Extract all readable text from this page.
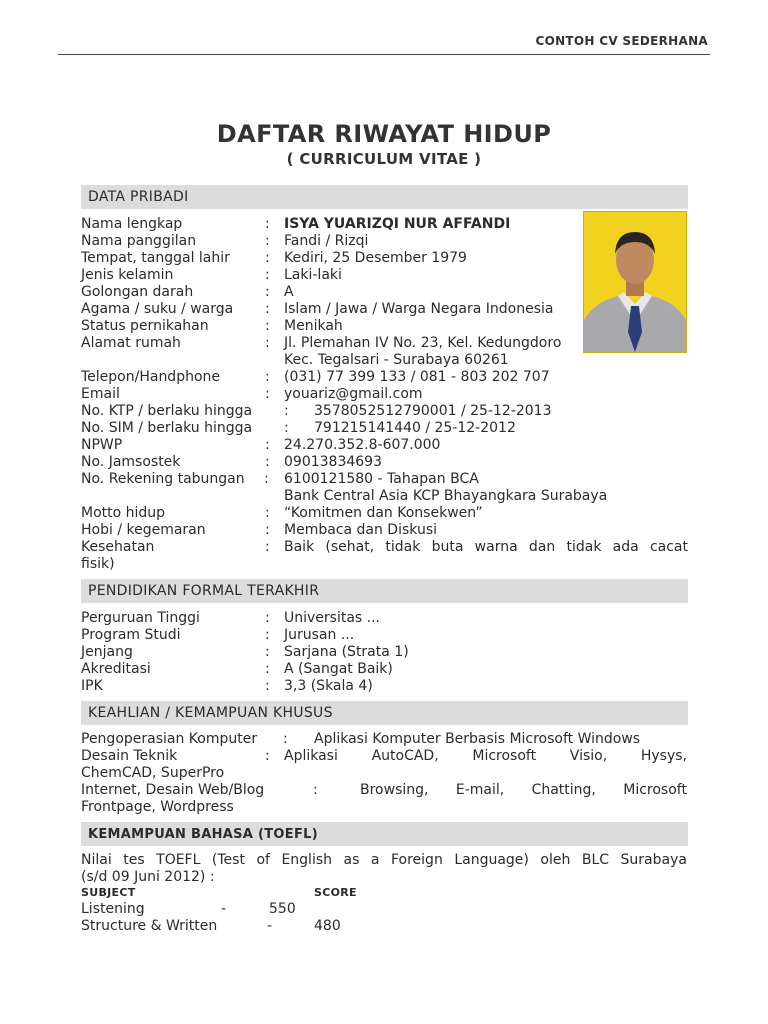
CONTOH CV SEDERHANA
DAFTAR RIWAYAT HIDUP
( CURRICULUM VITAE )
DATA PRIBADI
Nama lengkap	: ISYA YUARIZQI NUR AFFANDI
Nama panggilan	: Fandi / Rizqi
Tempat, tanggal lahir	: Kediri, 25 Desember 1979
Jenis kelamin	: Laki-laki
Golongan darah	: A
Agama / suku / warga : Islam / Jawa / Warga Negara Indonesia
Status pernikahan	: Menikah
Alamat rumah	: Jl. Plemahan IV No. 23, Kel. Kedungdoro
Kec. Tegalsari - Surabaya 60261
Telepon/Handphone	: (031) 77 399 133 / 081 - 803 202 707
Email	: youariz@gmail.com
No. KTP / berlaku hingga : 3578052512790001 / 25-12-2013
No. SIM / berlaku hingga : 791215141440 / 25-12-2012
NPWP	: 24.270.352.8-607.000
No. Jamsostek	: 09013834693
No. Rekening tabungan : 6100121580 - Tahapan BCA
Bank Central Asia KCP Bhayangkara Surabaya
Motto hidup	: “Komitmen dan Konsekwen”
Hobi / kegemaran	: Membaca dan Diskusi
Kesehatan	: Baik (sehat, tidak buta warna dan tidak ada cacat
fisik)
PENDIDIKAN FORMAL TERAKHIR
Perguruan Tinggi	: Universitas ...
Program Studi	: Jurusan ...
Jenjang	: Sarjana (Strata 1)
Akreditasi	: A (Sangat Baik)
IPK	: 3,3 (Skala 4)
KEAHLIAN / KEMAMPUAN KHUSUS
Pengoperasian Komputer : Aplikasi Komputer Berbasis Microsoft Windows
Desain Teknik	: Aplikasi AutoCAD, Microsoft Visio, Hysys,
ChemCAD, SuperPro
Internet, Desain Web/Blog	:	Browsing, E-mail, Chatting, Microsoft
Frontpage, Wordpress
KEMAMPUAN BAHASA (TOEFL)
Nilai tes TOEFL (Test of English as a Foreign Language) oleh BLC Surabaya
(s/d 09 Juni 2012) :
SUBJECT	SCORE
Listening	-	550
Structure & Written	-	480
